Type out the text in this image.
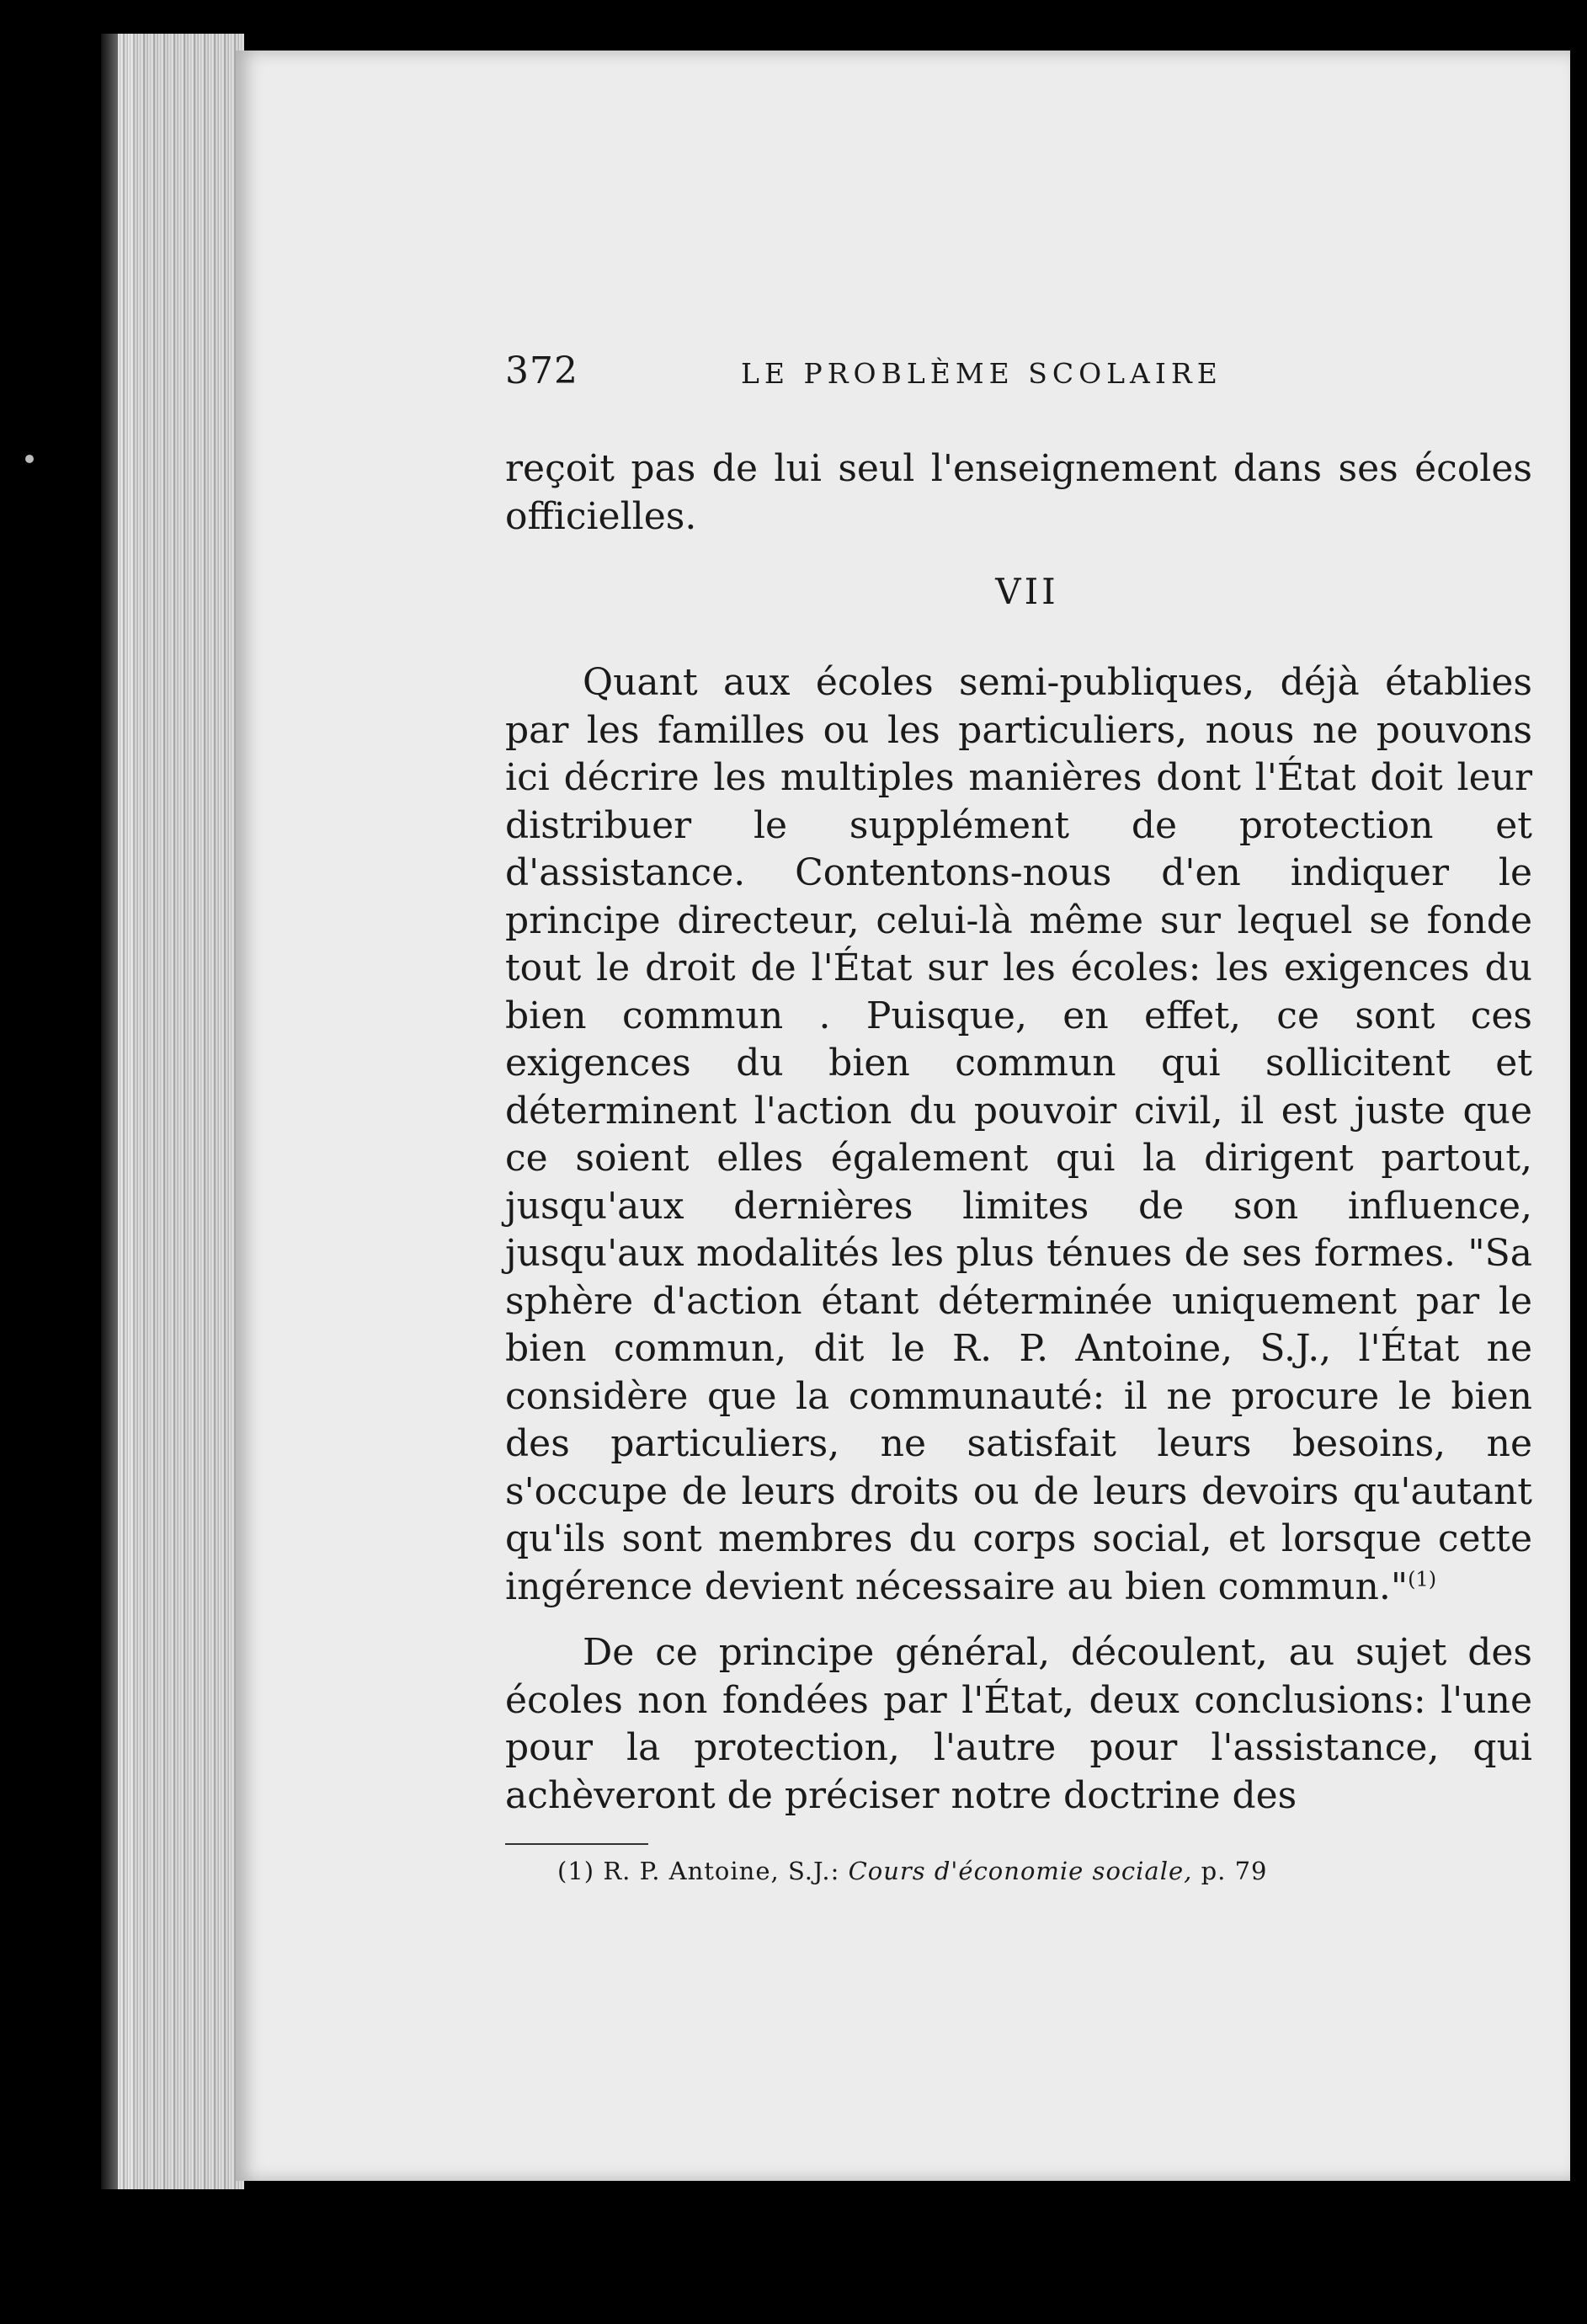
372	LE PROBLÈME SCOLAIRE

reçoit pas de lui seul l'enseignement dans ses écoles officielles.

VII

Quant aux écoles semi-publiques, déjà établies par les familles ou les particuliers, nous ne pouvons ici décrire les multiples manières dont l'État doit leur distribuer le supplément de protection et d'assistance. Contentons-nous d'en indiquer le principe directeur, celui-là même sur lequel se fonde tout le droit de l'État sur les écoles: les exigences du bien commun . Puisque, en effet, ce sont ces exigences du bien commun qui sollicitent et déterminent l'action du pouvoir civil, il est juste que ce soient elles également qui la dirigent partout, jusqu'aux dernières limites de son influence, jusqu'aux modalités les plus ténues de ses formes. "Sa sphère d'action étant déterminée uniquement par le bien commun, dit le R. P. Antoine, S.J., l'État ne considère que la communauté: il ne procure le bien des particuliers, ne satisfait leurs besoins, ne s'occupe de leurs droits ou de leurs devoirs qu'autant qu'ils sont membres du corps social, et lorsque cette ingérence devient nécessaire au bien commun."$^{(1)}$

De ce principe général, découlent, au sujet des écoles non fondées par l'État, deux conclusions: l'une pour la protection, l'autre pour l'assistance, qui achèveront de préciser notre doctrine des

(1) R. P. Antoine, S.J.: Cours d'économie sociale, p. 79
